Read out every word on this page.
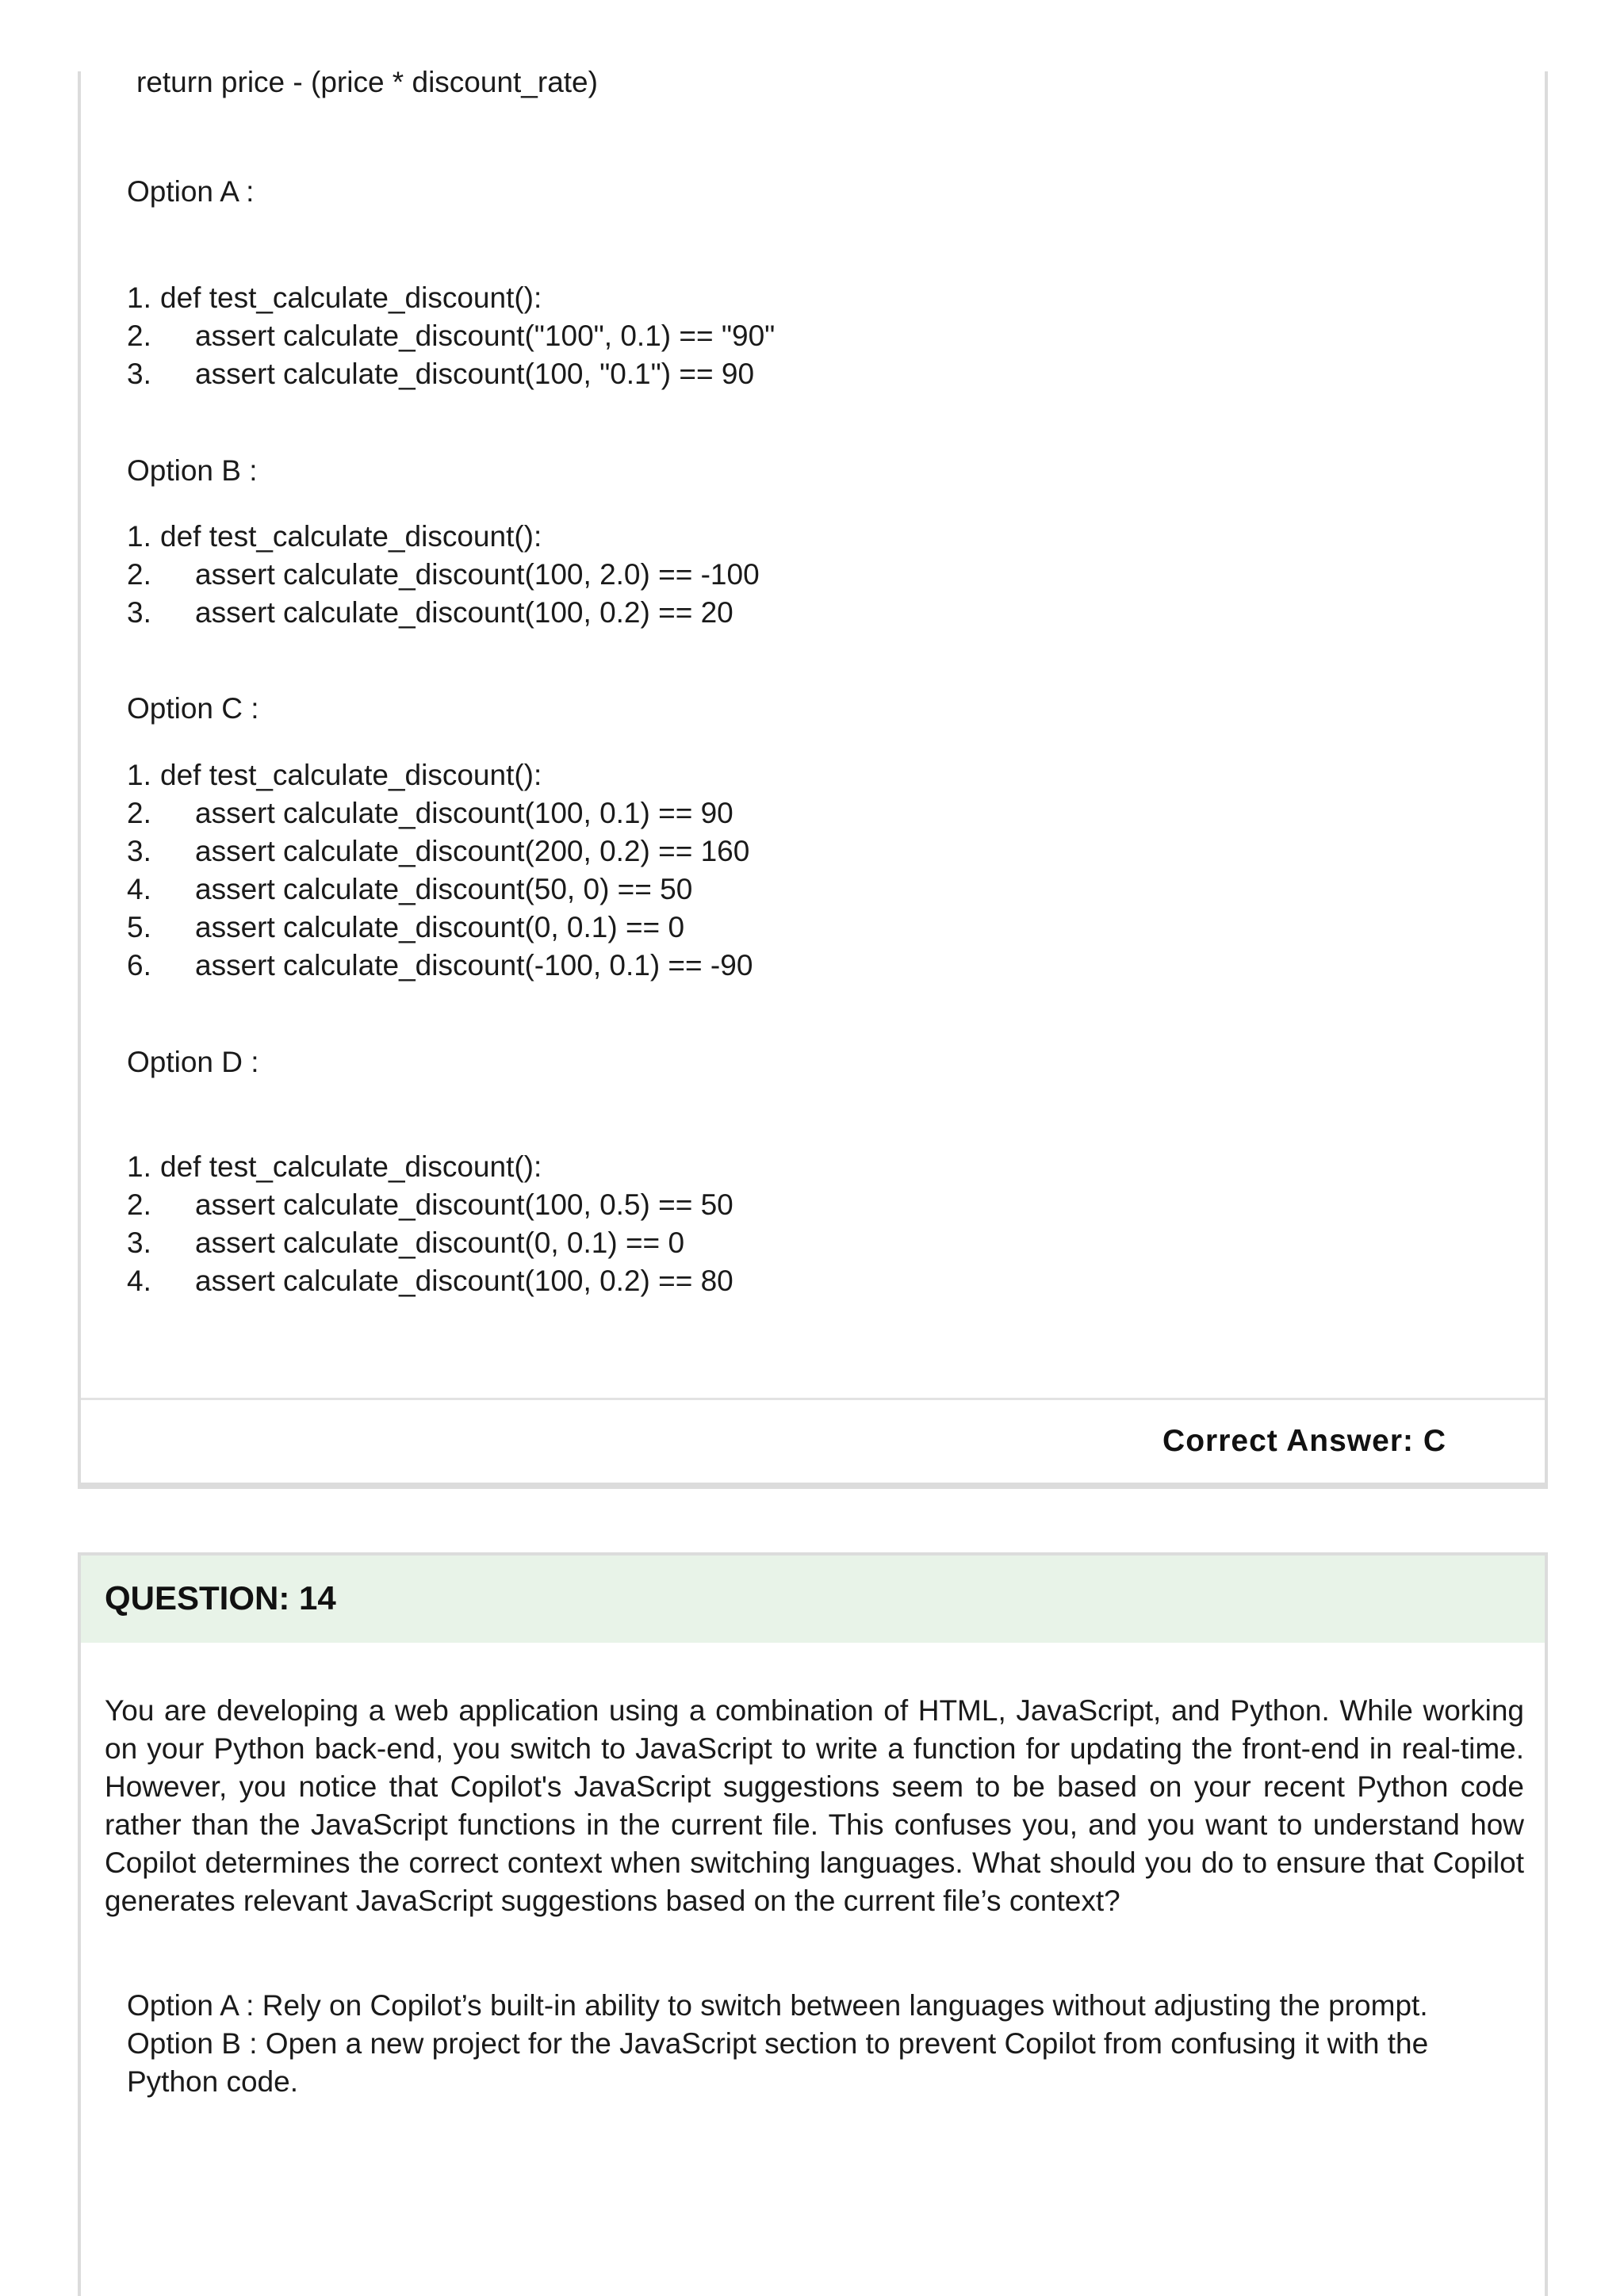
return price - (price * discount_rate)
Option A :
1. def test_calculate_discount():
2. assert calculate_discount("100", 0.1) == "90"
3. assert calculate_discount(100, "0.1") == 90
Option B :
1. def test_calculate_discount():
2. assert calculate_discount(100, 2.0) == -100
3. assert calculate_discount(100, 0.2) == 20
Option C :
1. def test_calculate_discount():
2. assert calculate_discount(100, 0.1) == 90
3. assert calculate_discount(200, 0.2) == 160
4. assert calculate_discount(50, 0) == 50
5. assert calculate_discount(0, 0.1) == 0
6. assert calculate_discount(-100, 0.1) == -90
Option D :
1. def test_calculate_discount():
2. assert calculate_discount(100, 0.5) == 50
3. assert calculate_discount(0, 0.1) == 0
4. assert calculate_discount(100, 0.2) == 80
Correct Answer: C
QUESTION: 14
You are developing a web application using a combination of HTML, JavaScript, and Python. While working on your Python back-end, you switch to JavaScript to write a function for updating the front-end in real-time. However, you notice that Copilot's JavaScript suggestions seem to be based on your recent Python code rather than the JavaScript functions in the current file. This confuses you, and you want to understand how Copilot determines the correct context when switching languages. What should you do to ensure that Copilot generates relevant JavaScript suggestions based on the current file’s context?
Option A : Rely on Copilot’s built-in ability to switch between languages without adjusting the prompt.
Option B : Open a new project for the JavaScript section to prevent Copilot from confusing it with the Python code.
